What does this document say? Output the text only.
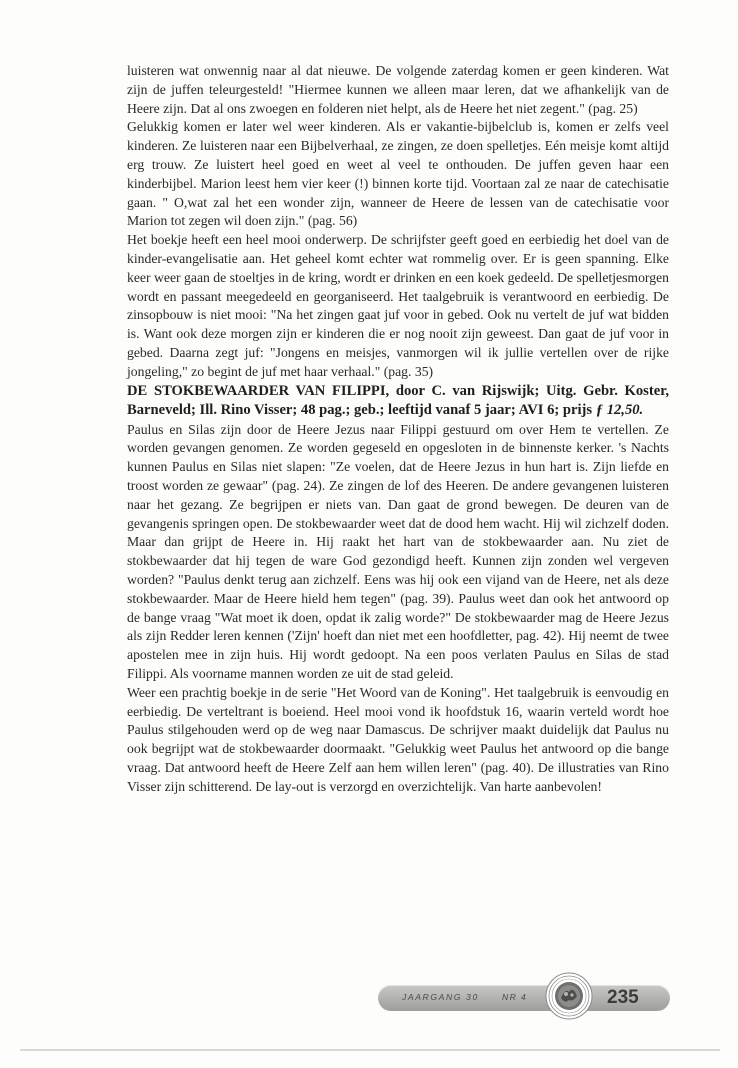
luisteren wat onwennig naar al dat nieuwe. De volgende zaterdag komen er geen kinderen. Wat zijn de juffen teleurgesteld! "Hiermee kunnen we alleen maar leren, dat we afhankelijk van de Heere zijn. Dat al ons zwoegen en folderen niet helpt, als de Heere het niet zegent." (pag. 25)

Gelukkig komen er later wel weer kinderen. Als er vakantie-bijbelclub is, komen er zelfs veel kinderen. Ze luisteren naar een Bijbelverhaal, ze zingen, ze doen spelletjes. Eén meisje komt altijd erg trouw. Ze luistert heel goed en weet al veel te onthouden. De juffen geven haar een kinderbijbel. Marion leest hem vier keer (!) binnen korte tijd. Voortaan zal ze naar de catechisatie gaan. " O,wat zal het een wonder zijn, wanneer de Heere de lessen van de catechisatie voor Marion tot zegen wil doen zijn." (pag. 56)

Het boekje heeft een heel mooi onderwerp. De schrijfster geeft goed en eerbiedig het doel van de kinder-evangelisatie aan. Het geheel komt echter wat rommelig over. Er is geen spanning. Elke keer weer gaan de stoeltjes in de kring, wordt er drinken en een koek gedeeld. De spelletjesmorgen wordt en passant meegedeeld en georganiseerd. Het taalgebruik is verantwoord en eerbiedig. De zinsopbouw is niet mooi: "Na het zingen gaat juf voor in gebed. Ook nu vertelt de juf wat bidden is. Want ook deze morgen zijn er kinderen die er nog nooit zijn geweest. Dan gaat de juf voor in gebed. Daarna zegt juf: "Jongens en meisjes, vanmorgen wil ik jullie vertellen over de rijke jongeling," zo begint de juf met haar verhaal." (pag. 35)

DE STOKBEWAARDER VAN FILIPPI, door C. van Rijswijk; Uitg. Gebr. Koster, Barneveld; Ill. Rino Visser; 48 pag.; geb.; leeftijd vanaf 5 jaar; AVI 6; prijs ƒ 12,50.

Paulus en Silas zijn door de Heere Jezus naar Filippi gestuurd om over Hem te vertellen. Ze worden gevangen genomen. Ze worden gegeseld en opgesloten in de binnenste kerker. 's Nachts kunnen Paulus en Silas niet slapen: "Ze voelen, dat de Heere Jezus in hun hart is. Zijn liefde en troost worden ze gewaar" (pag. 24). Ze zingen de lof des Heeren. De andere gevangenen luisteren naar het gezang. Ze begrijpen er niets van. Dan gaat de grond bewegen. De deuren van de gevangenis springen open. De stokbewaarder weet dat de dood hem wacht. Hij wil zichzelf doden. Maar dan grijpt de Heere in. Hij raakt het hart van de stokbewaarder aan. Nu ziet de stokbewaarder dat hij tegen de ware God gezondigd heeft. Kunnen zijn zonden wel vergeven worden? "Paulus denkt terug aan zichzelf. Eens was hij ook een vijand van de Heere, net als deze stokbewaarder. Maar de Heere hield hem tegen" (pag. 39). Paulus weet dan ook het antwoord op de bange vraag "Wat moet ik doen, opdat ik zalig worde?" De stokbewaarder mag de Heere Jezus als zijn Redder leren kennen ('Zijn' hoeft dan niet met een hoofdletter, pag. 42). Hij neemt de twee apostelen mee in zijn huis. Hij wordt gedoopt. Na een poos verlaten Paulus en Silas de stad Filippi. Als voorname mannen worden ze uit de stad geleid.

Weer een prachtig boekje in de serie "Het Woord van de Koning". Het taalgebruik is eenvoudig en eerbiedig. De verteltrant is boeiend. Heel mooi vond ik hoofdstuk 16, waarin verteld wordt hoe Paulus stilgehouden werd op de weg naar Damascus. De schrijver maakt duidelijk dat Paulus nu ook begrijpt wat de stokbewaarder doormaakt. "Gelukkig weet Paulus het antwoord op die bange vraag. Dat antwoord heeft de Heere Zelf aan hem willen leren" (pag. 40). De illustraties van Rino Visser zijn schitterend. De lay-out is verzorgd en overzichtelijk. Van harte aanbevolen!

JAARGANG 30	NR 4	235
